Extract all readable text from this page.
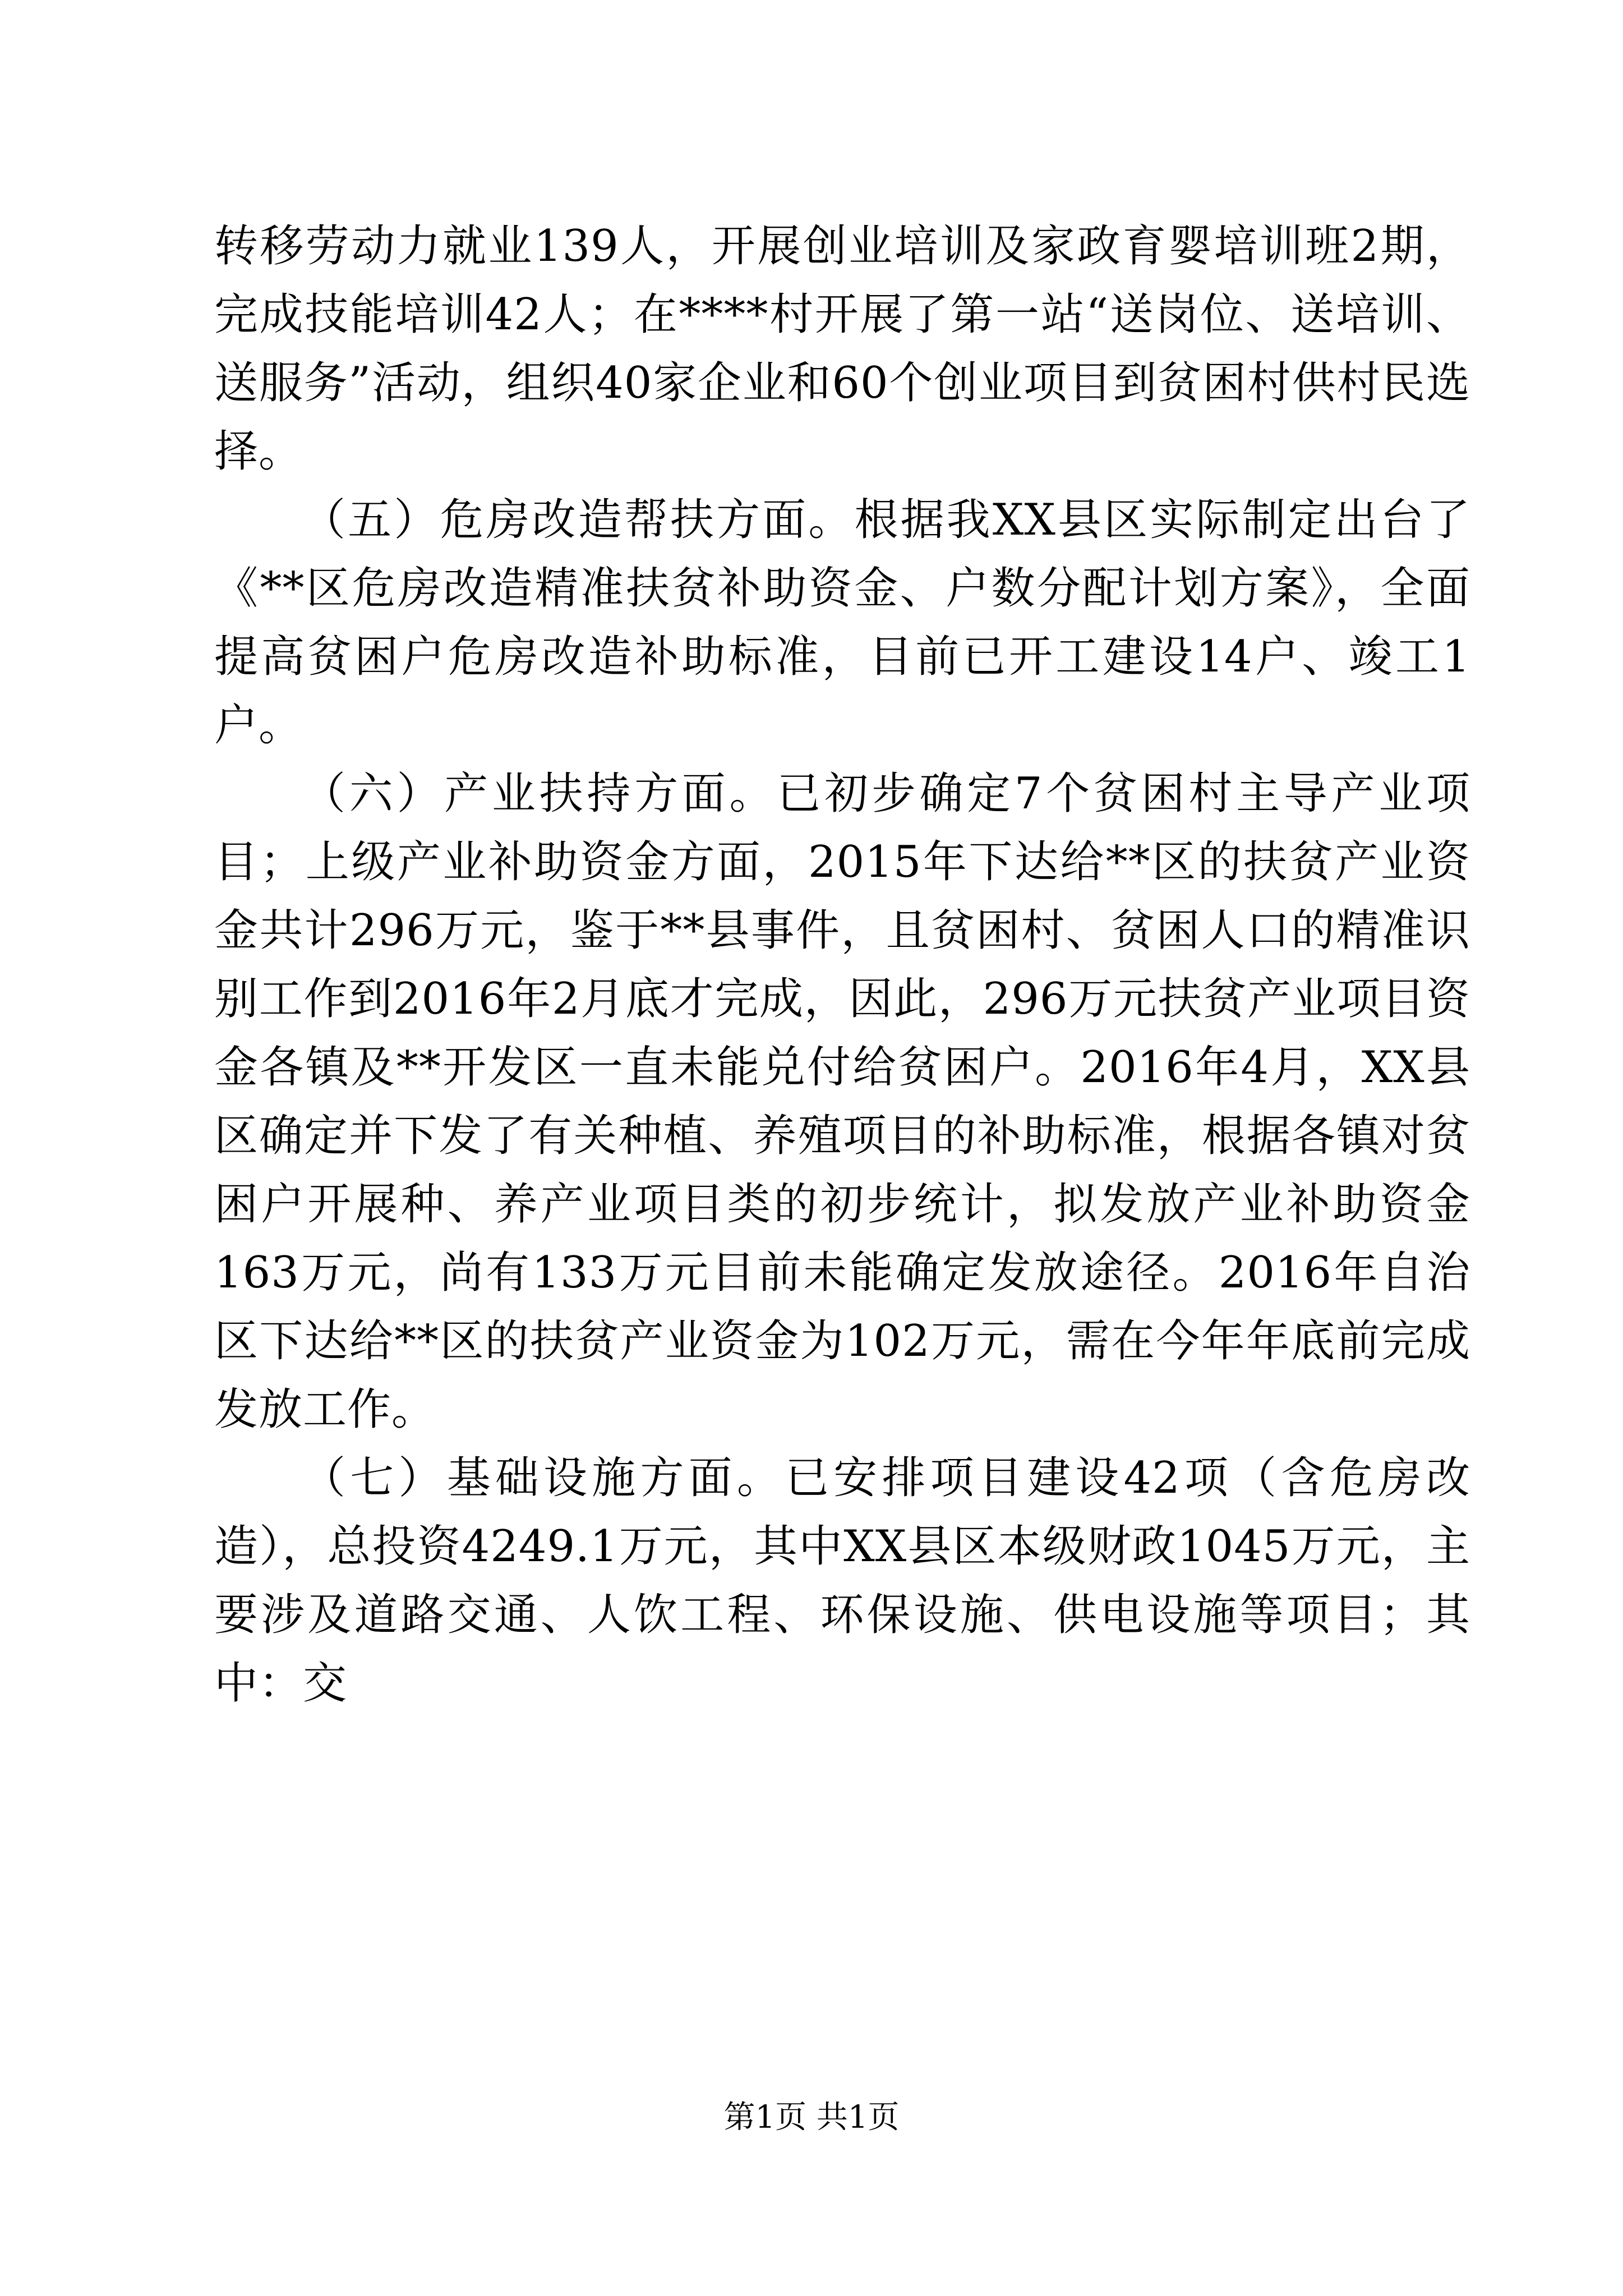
转移劳动力就业139人，开展创业培训及家政育婴培训班2期，完成技能培训42人；在****村开展了第一站“送岗位、送培训、送服务”活动，组织40家企业和60个创业项目到贫困村供村民选择。

（五）危房改造帮扶方面。根据我XX县区实际制定出台了《**区危房改造精准扶贫补助资金、户数分配计划方案》，全面提高贫困户危房改造补助标准，目前已开工建设14户、竣工1户。

（六）产业扶持方面。已初步确定7个贫困村主导产业项目；上级产业补助资金方面，2015年下达给**区的扶贫产业资金共计296万元，鉴于**县事件，且贫困村、贫困人口的精准识别工作到2016年2月底才完成，因此，296万元扶贫产业项目资金各镇及**开发区一直未能兑付给贫困户。2016年4月，XX县区确定并下发了有关种植、养殖项目的补助标准，根据各镇对贫困户开展种、养产业项目类的初步统计，拟发放产业补助资金163万元，尚有133万元目前未能确定发放途径。2016年自治区下达给**区的扶贫产业资金为102万元，需在今年年底前完成发放工作。

（七）基础设施方面。已安排项目建设42项（含危房改造），总投资4249.1万元，其中XX县区本级财政1045万元，主要涉及道路交通、人饮工程、环保设施、供电设施等项目；其中：交

第1页 共1页
